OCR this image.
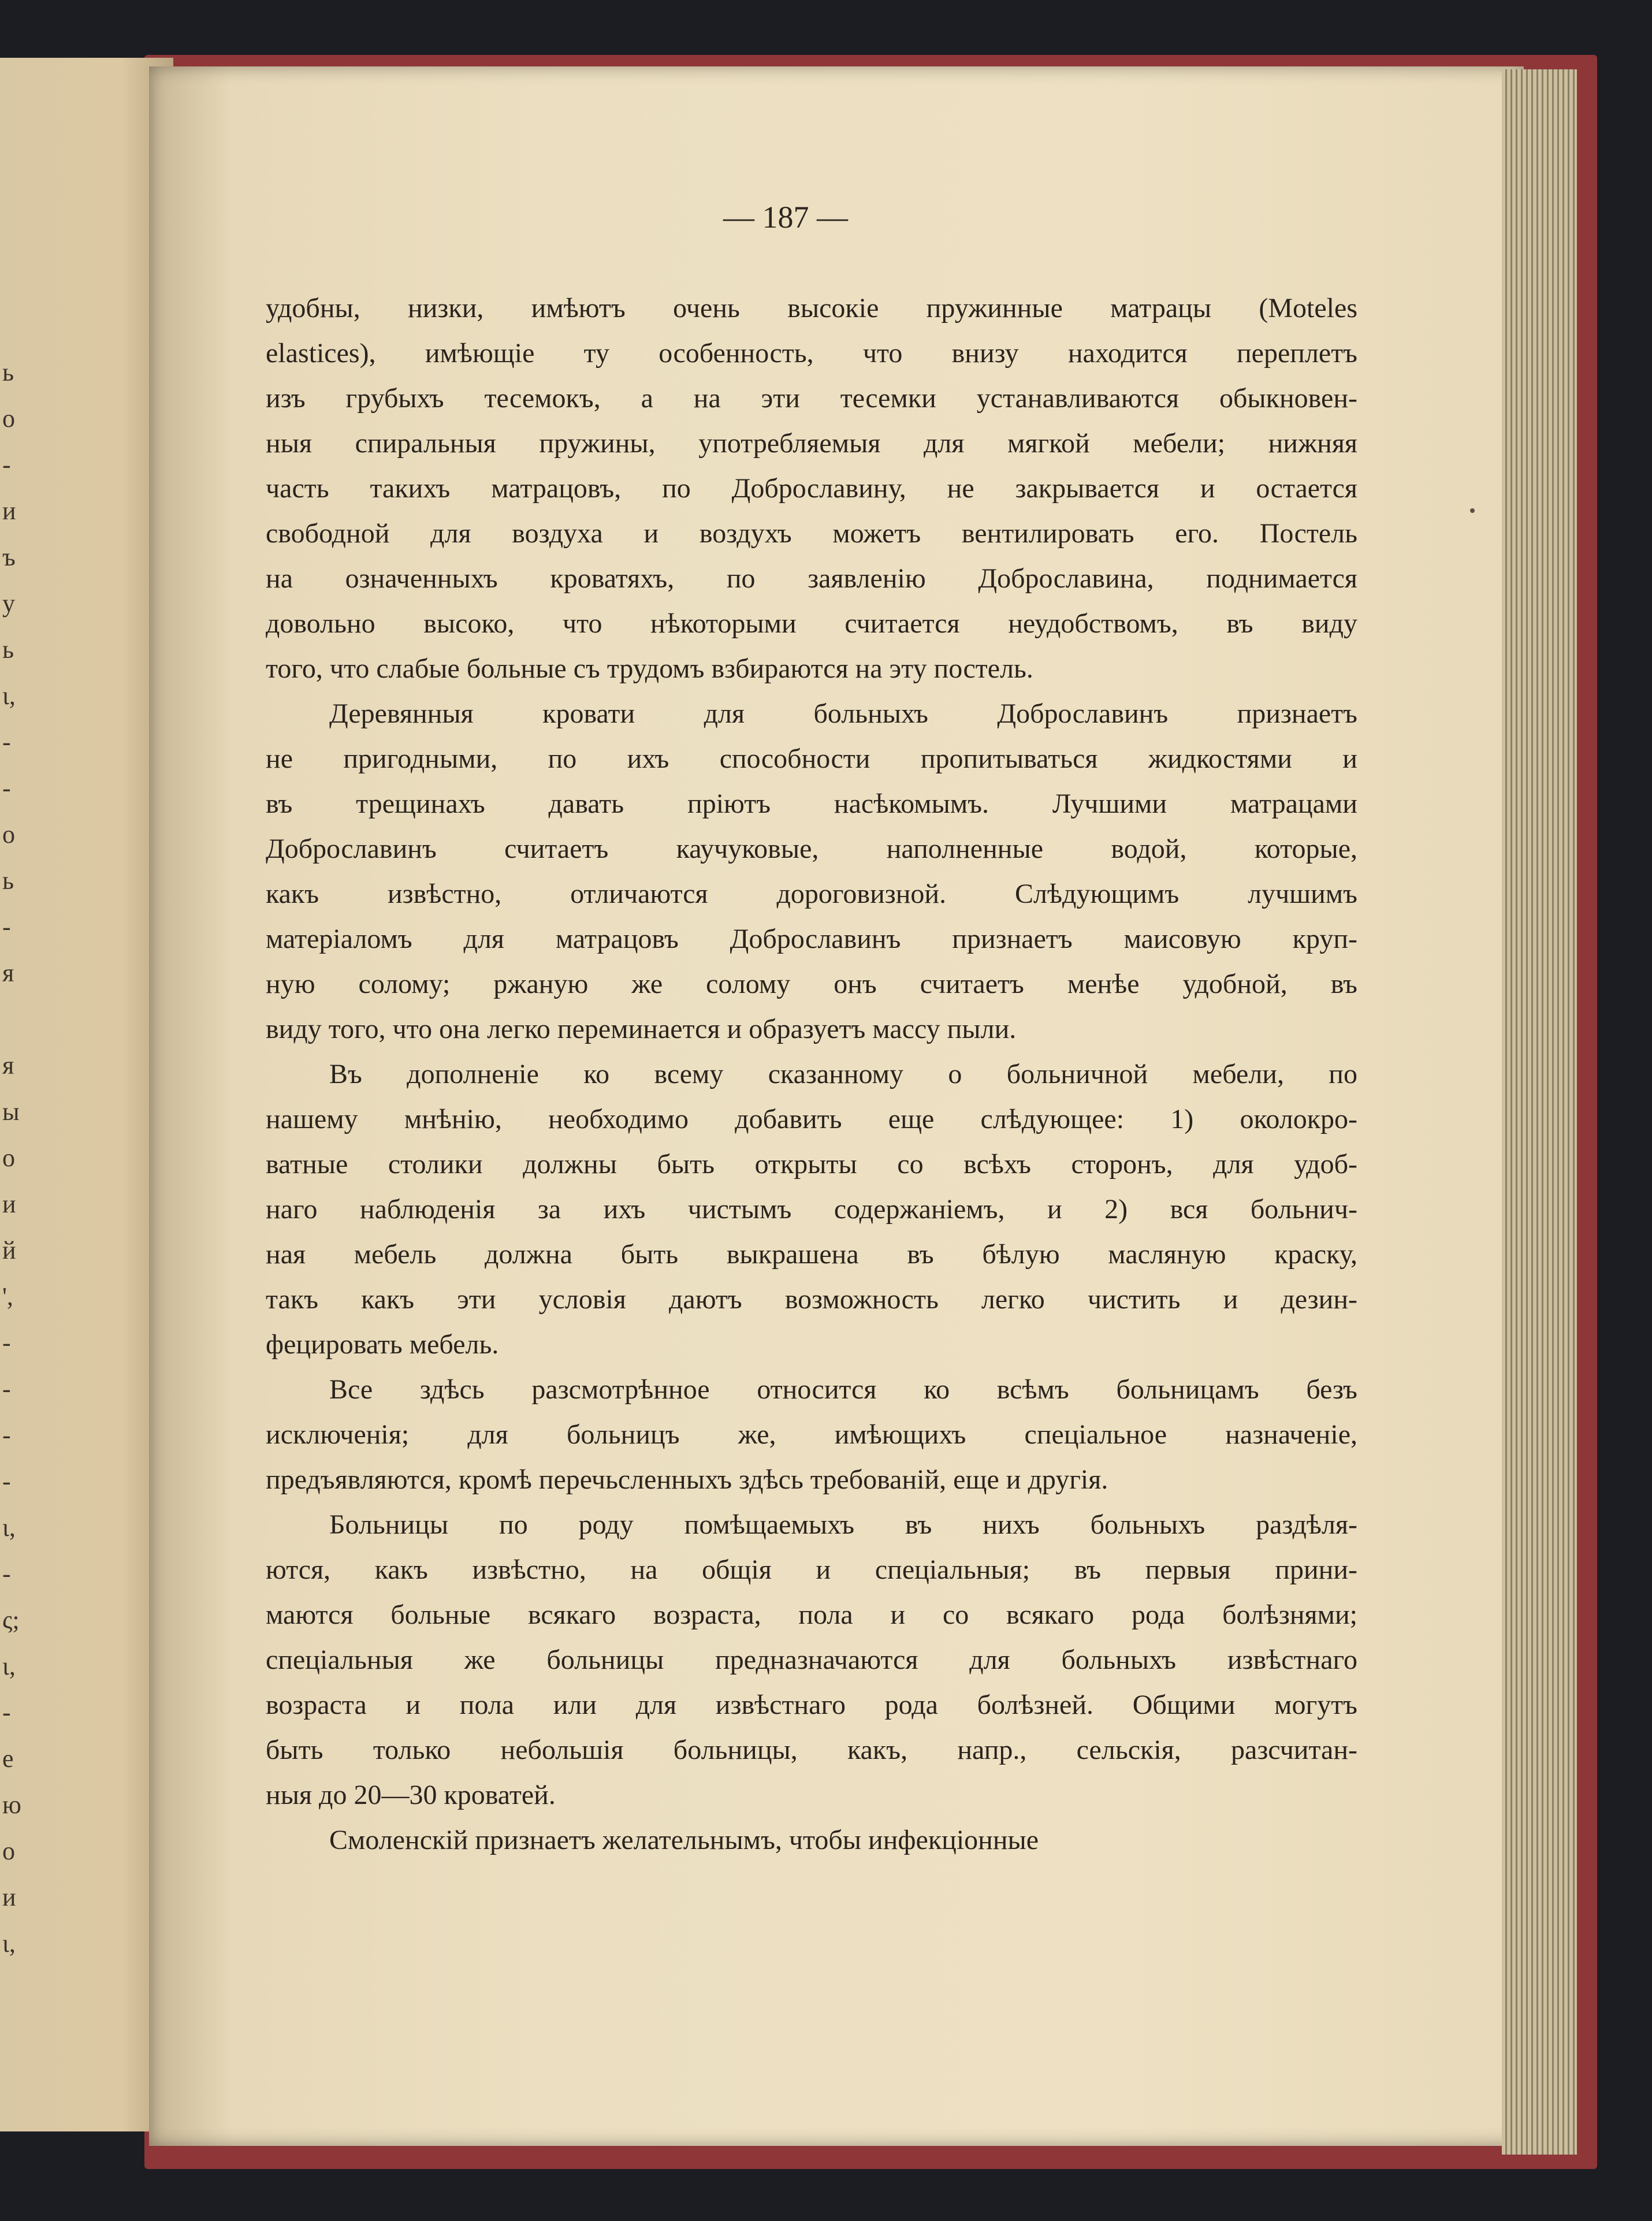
ь
о
-
и
ъ
у
ь
ι,
-
-
о
ь
-
я
я
ы
о
и
й
',
-
-
-
-
ι,
-
ς;
ι,
-
е
ю
о
и
ι,
— 187 —
удобны, низки, имѣютъ очень высокіе пружинные матрацы (Moteles
elastices), имѣющіе ту особенность, что внизу находится переплетъ
изъ грубыхъ тесемокъ, а на эти тесемки устанавливаются обыкновен-
ныя спиральныя пружины, употребляемыя для мягкой мебели; нижняя
часть такихъ матрацовъ, по Доброславину, не закрывается и остается
свободной для воздуха и воздухъ можетъ вентилировать его. Постель
на означенныхъ кроватяхъ, по заявленію Доброславина, поднимается
довольно высоко, что нѣкоторыми считается неудобствомъ, въ виду
того, что слабые больные съ трудомъ взбираются на эту постель.
Деревянныя кровати для больныхъ Доброславинъ признаетъ
не пригодными, по ихъ способности пропитываться жидкостями и
въ трещинахъ давать пріютъ насѣкомымъ. Лучшими матрацами
Доброславинъ считаетъ каучуковые, наполненные водой, которые,
какъ извѣстно, отличаются дороговизной. Слѣдующимъ лучшимъ
матеріаломъ для матрацовъ Доброславинъ признаетъ маисовую круп-
ную солому; ржаную же солому онъ считаетъ менѣе удобной, въ
виду того, что она легко переминается и образуетъ массу пыли.
Въ дополненіе ко всему сказанному о больничной мебели, по
нашему мнѣнію, необходимо добавить еще слѣдующее: 1) околокро-
ватные столики должны быть открыты со всѣхъ сторонъ, для удоб-
наго наблюденія за ихъ чистымъ содержаніемъ, и 2) вся больнич-
ная мебель должна быть выкрашена въ бѣлую масляную краску,
такъ какъ эти условія даютъ возможность легко чистить и дезин-
фецировать мебель.
Все здѣсь разсмотрѣнное относится ко всѣмъ больницамъ безъ
исключенія; для больницъ же, имѣющихъ спеціальное назначеніе,
предъявляются, кромѣ перечьсленныхъ здѣсь требованій, еще и другія.
Больницы по роду помѣщаемыхъ въ нихъ больныхъ раздѣля-
ются, какъ извѣстно, на общія и спеціальныя; въ первыя прини-
маются больные всякаго возраста, пола и со всякаго рода болѣзнями;
спеціальныя же больницы предназначаются для больныхъ извѣстнаго
возраста и пола или для извѣстнаго рода болѣзней. Общими могутъ
быть только небольшія больницы, какъ, напр., сельскія, разсчитан-
ныя до 20—30 кроватей.
Смоленскій признаетъ желательнымъ, чтобы инфекціонные
